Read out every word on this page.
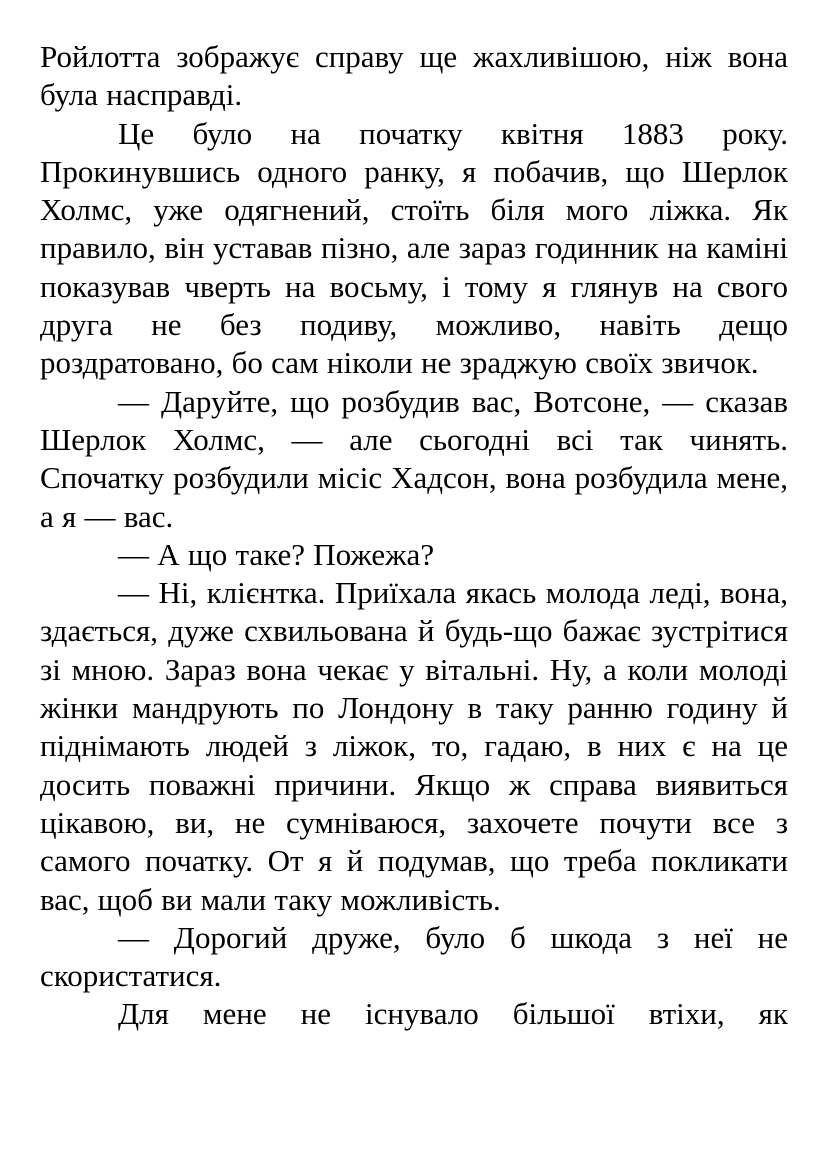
Ройлотта зображує справу ще жахливішою, ніж вона була насправді.

Це було на початку квітня 1883 року. Прокинувшись одного ранку, я побачив, що Шерлок Холмс, уже одягнений, стоїть біля мого ліжка. Як правило, він уставав пізно, але зараз годинник на каміні показував чверть на восьму, і тому я глянув на свого друга не без подиву, можливо, навіть дещо роздратовано, бо сам ніколи не зраджую своїх звичок.

— Даруйте, що розбудив вас, Вотсоне, — сказав Шерлок Холмс, — але сьогодні всі так чинять. Спочатку розбудили місіс Хадсон, вона розбудила мене, а я — вас.

— А що таке? Пожежа?

— Ні, клієнтка. Приїхала якась молода леді, вона, здається, дуже схвильована й будь-що бажає зустрітися зі мною. Зараз вона чекає у вітальні. Ну, а коли молоді жінки мандрують по Лондону в таку ранню годину й піднімають людей з ліжок, то, гадаю, в них є на це досить поважні причини. Якщо ж справа виявиться цікавою, ви, не сумніваюся, захочете почути все з самого початку. От я й подумав, що треба покликати вас, щоб ви мали таку можливість.

— Дорогий друже, було б шкода з неї не скористатися.

Для мене не існувало більшої втіхи, як
